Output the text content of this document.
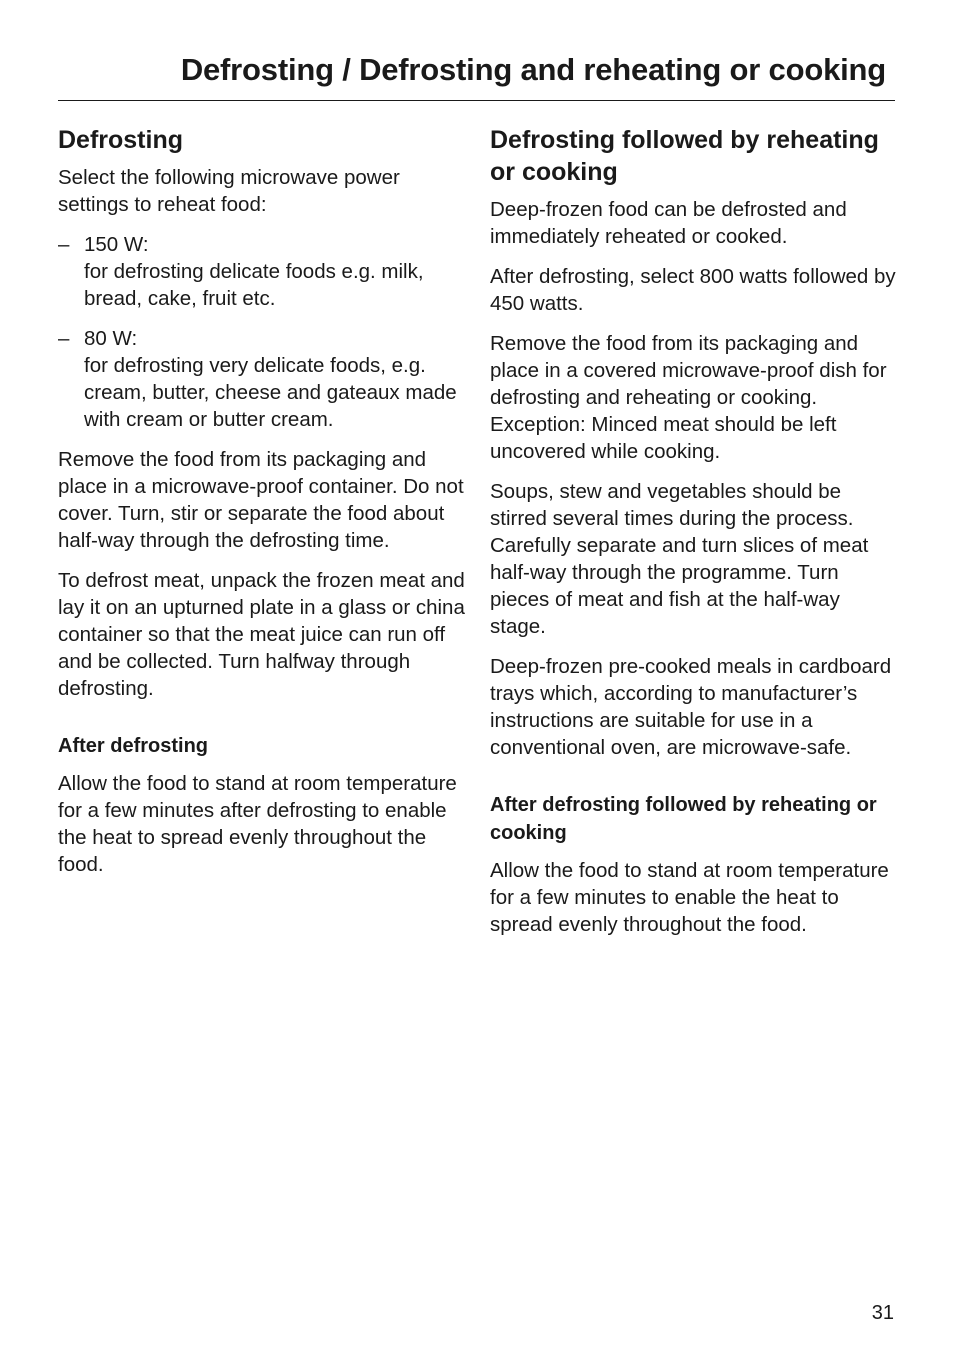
Defrosting / Defrosting and reheating or cooking
Defrosting

Select the following microwave power settings to reheat food:

– 150 W:
for defrosting delicate foods e.g. milk, bread, cake, fruit etc.
– 80 W:
for defrosting very delicate foods, e.g. cream, butter, cheese and gateaux made with cream or butter cream.

Remove the food from its packaging and place in a microwave-proof container. Do not cover. Turn, stir or separate the food about half-way through the defrosting time.

To defrost meat, unpack the frozen meat and lay it on an upturned plate in a glass or china container so that the meat juice can run off and be collected. Turn halfway through defrosting.

After defrosting

Allow the food to stand at room temperature for a few minutes after defrosting to enable the heat to spread evenly throughout the food.

Defrosting followed by reheating or cooking

Deep-frozen food can be defrosted and immediately reheated or cooked.

After defrosting, select 800 watts followed by 450 watts.

Remove the food from its packaging and place in a covered microwave-proof dish for defrosting and reheating or cooking. Exception: Minced meat should be left uncovered while cooking.

Soups, stew and vegetables should be stirred several times during the process. Carefully separate and turn slices of meat half-way through the programme. Turn pieces of meat and fish at the half-way stage.

Deep-frozen pre-cooked meals in cardboard trays which, according to manufacturer’s instructions are suitable for use in a conventional oven, are microwave-safe.

After defrosting followed by reheating or cooking

Allow the food to stand at room temperature for a few minutes to enable the heat to spread evenly throughout the food.

31
